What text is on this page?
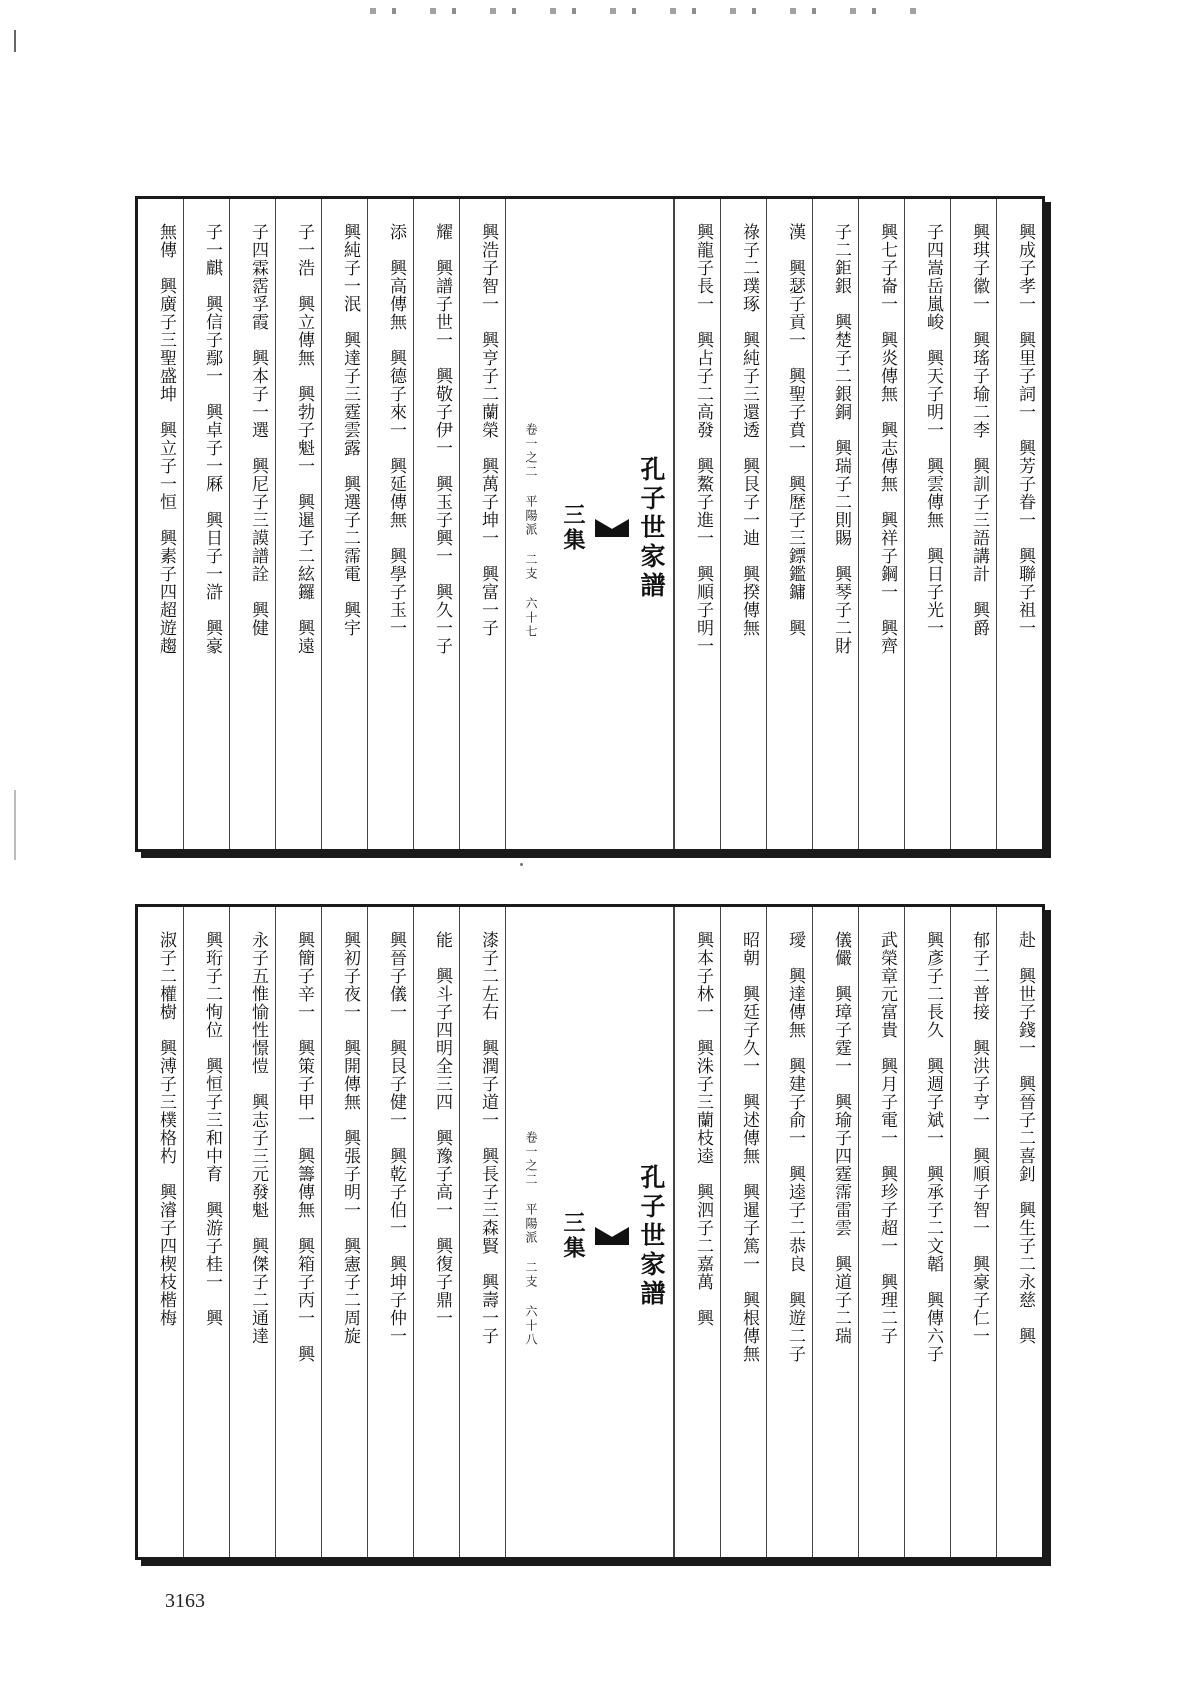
興成子孝一　興里子詞一　興芳子眷一　興聯子祖一
興琪子徽一　興瑤子瑜二李　興訓子三語講計　興爵
子四嵩岳嵐峻　興天子明一　興雲傳無　興日子光一
興七子崙一　興炎傳無　興志傳無　興祥子鋼一　興齊
子二鉅銀　興楚子二銀銅　興瑞子二則賜　興琴子二財
漢　興瑟子貢一　興聖子賁一　興歷子三鏢鑑鏞　興
祿子二璞琢　興純子三還透　興艮子一迪　興揆傳無
興龍子長一　興占子二高發　興鰲子進一　興順子明一
孔子世家譜
三集
卷一之二 平陽派 二支 六十七
興浩子智一　興亨子二蘭榮　興萬子坤一　興富一子
耀　興譜子世一　興敬子伊一　興玉子興一　興久一子
添　興高傳無　興德子來一　興延傳無　興學子玉一
興純子一泯　興達子三霆雲露　興選子二霈電　興宇
子一浩　興立傳無　興勃子魁一　興暹子二絃鑼　興遠
子四霖霑孚霞　興本子一選　興尼子三謨譜詮　興健
子一麒　興信子鄢一　興卓子一厤　興日子一滸　興豪
無傳　興廣子三聖盛坤　興立子一恒　興素子四超遊趨
赴　興世子錢一　興晉子二喜釗　興生子二永慈　興
郁子二普接　興洪子亨一　興順子智一　興豪子仁一
興彥子二長久　興週子斌一　興承子二文韜　興傳六子
武榮章元富貴　興月子電一　興珍子超一　興理二子
儀儼　興璋子霆一　興瑜子四霆霈雷雲　興道子二瑞
璦　興達傳無　興建子俞一　興逵子二恭良　興遊二子
昭朝　興廷子久一　興述傳無　興暹子篤一　興根傳無
興本子林一　興洙子三蘭枝逵　興泗子二嘉萬　興
孔子世家譜
三集
卷一之二 平陽派 二支 六十八
漆子二左右　興潤子道一　興長子三森賢　興壽一子
能　興斗子四明全三四　興豫子高一　興復子鼎一
興晉子儀一　興艮子健一　興乾子伯一　興坤子仲一
興初子夜一　興開傳無　興張子明一　興憲子二周旋
興簡子辛一　興策子甲一　興籌傳無　興箱子丙一　興
永子五惟愉性憬愷　興志子三元發魁　興傑子二通達
興珩子二恂位　興恒子三和中育　興游子桂一　興
淑子二權樹　興溥子三樸格杓　興濬子四楔枝楷梅
3163
